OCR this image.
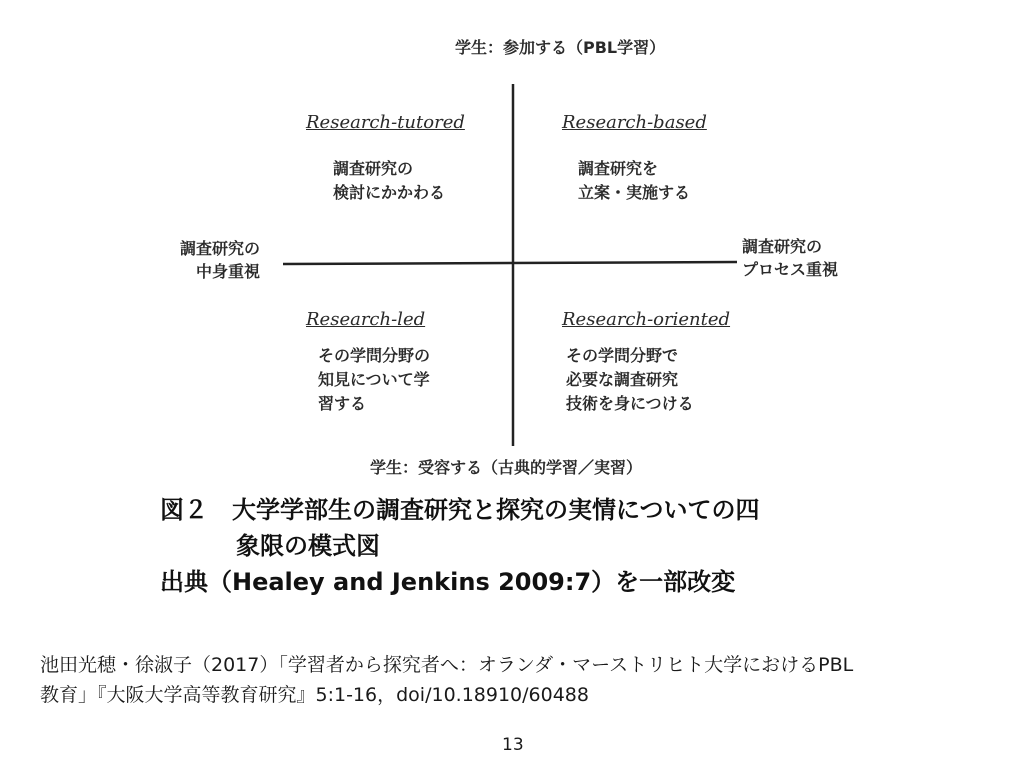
学生：参加する（PBL学習）
学生：受容する（古典的学習／実習）
調査研究の
中身重視
調査研究の
プロセス重視
Research-tutored
調査研究の
検討にかかわる
Research-based
調査研究を
立案・実施する
Research-led
その学問分野の
知見について学
習する
Research-oriented
その学問分野で
必要な調査研究
技術を身につける
図２　大学学部生の調査研究と探究の実情についての四
象限の模式図
出典（Healey and Jenkins 2009:7）を一部改変
池田光穂・徐淑子（2017）「学習者から探究者へ：オランダ・マーストリヒト大学におけるPBL
教育」『大阪大学高等教育研究』5:1-16，doi/10.18910/60488
13
